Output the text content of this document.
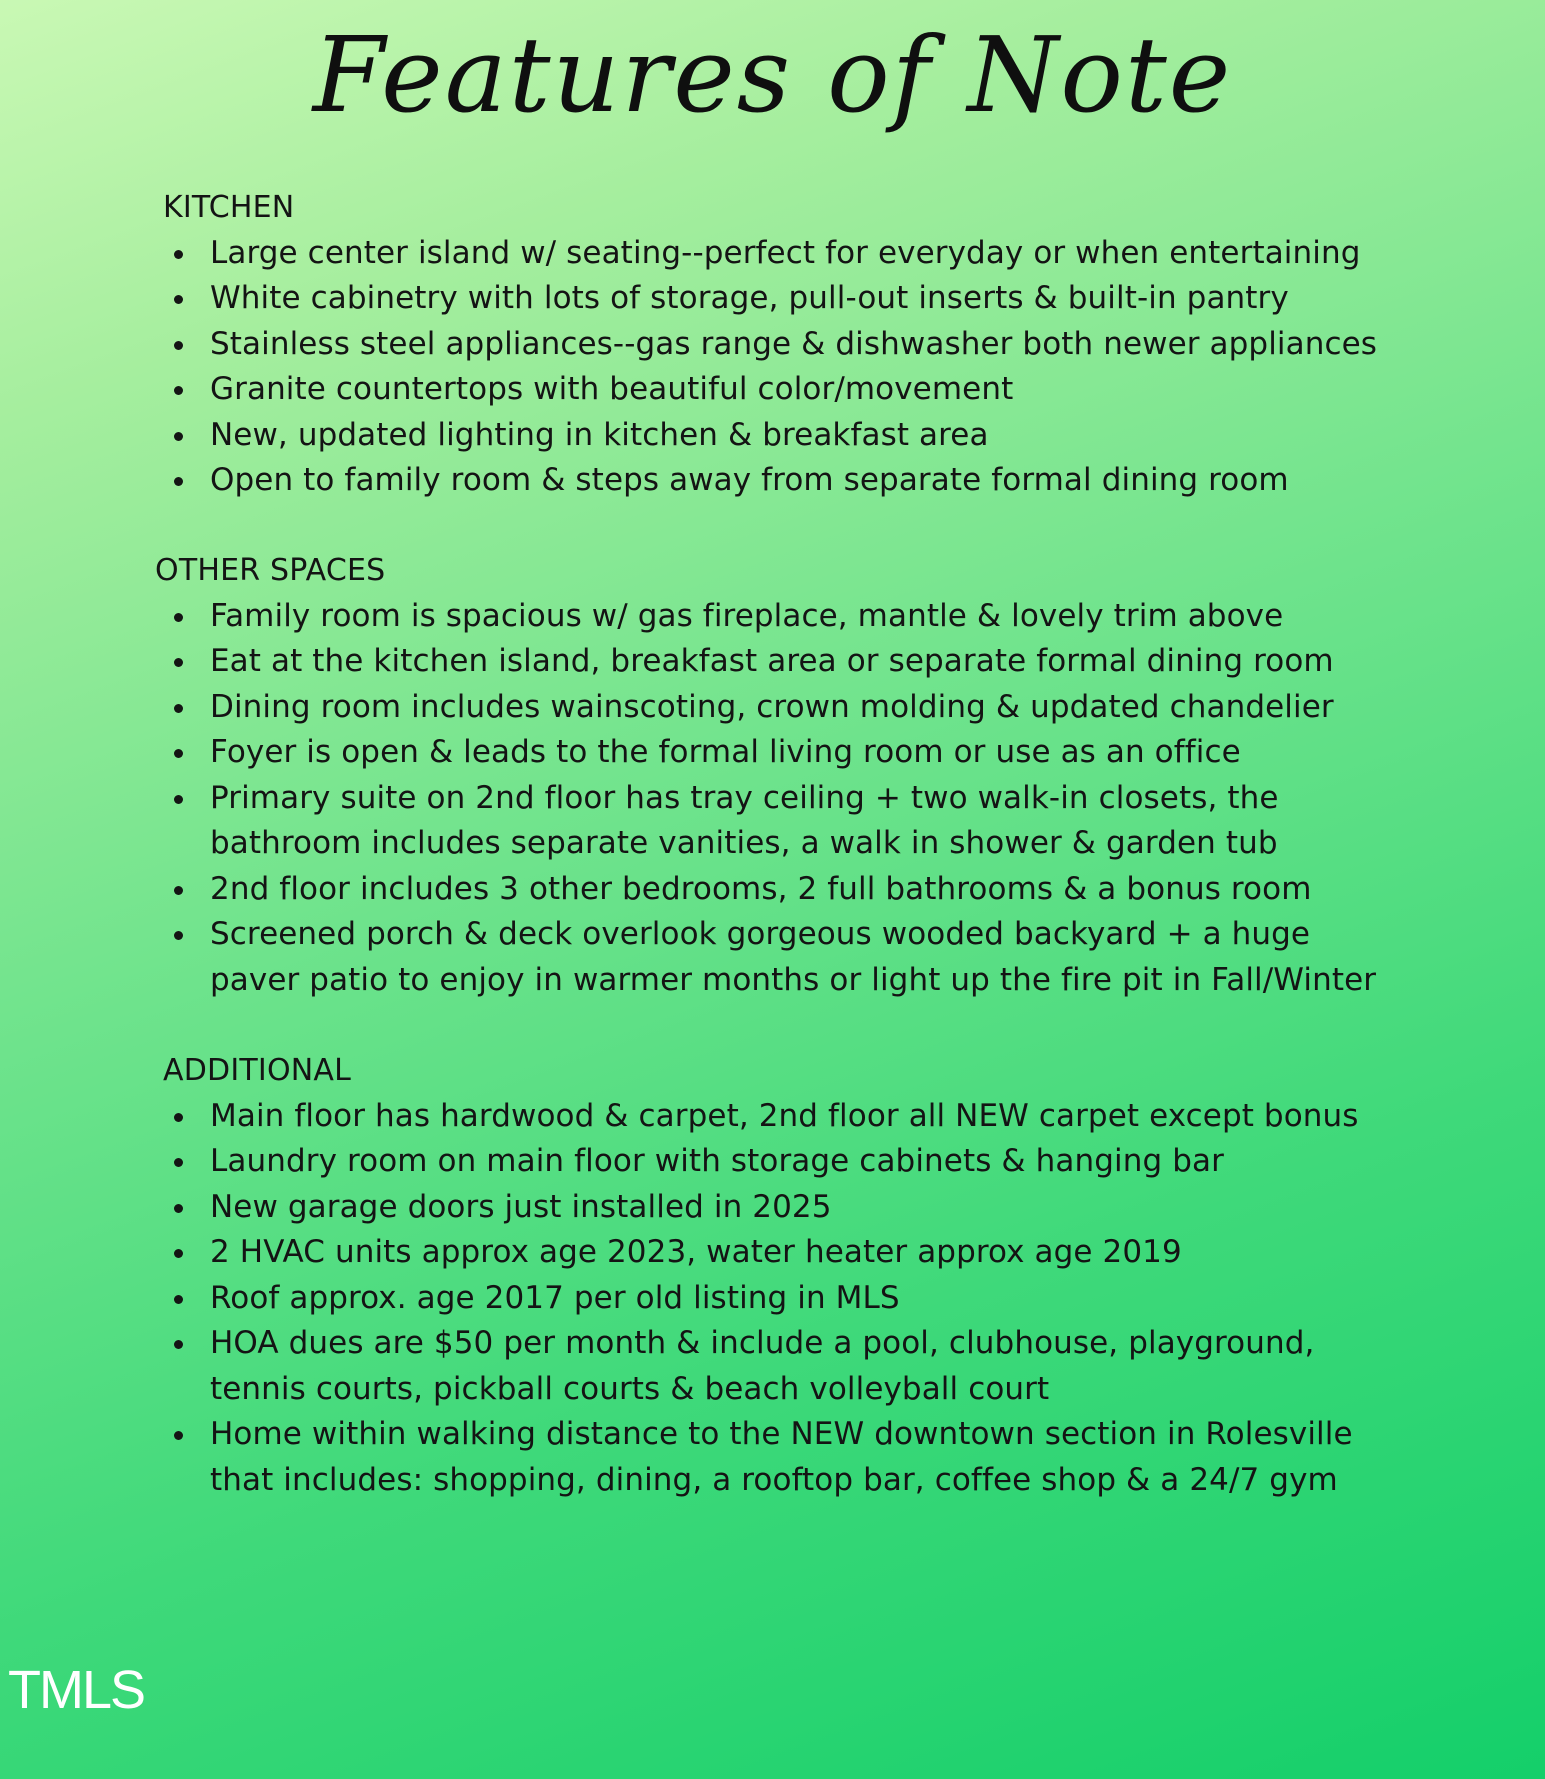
Features of Note
KITCHEN
Large center island w/ seating--perfect for everyday or when entertaining
White cabinetry with lots of storage, pull-out inserts & built-in pantry
Stainless steel appliances--gas range & dishwasher both newer appliances
Granite countertops with beautiful color/movement
New, updated lighting in kitchen & breakfast area
Open to family room & steps away from separate formal dining room
OTHER SPACES
Family room is spacious w/ gas fireplace, mantle & lovely trim above
Eat at the kitchen island, breakfast area or separate formal dining room
Dining room includes wainscoting, crown molding & updated chandelier
Foyer is open & leads to the formal living room or use as an office
Primary suite on 2nd floor has tray ceiling + two walk-in closets, the
bathroom includes separate vanities, a walk in shower & garden tub
2nd floor includes 3 other bedrooms, 2 full bathrooms & a bonus room
Screened porch & deck overlook gorgeous wooded backyard + a huge
paver patio to enjoy in warmer months or light up the fire pit in Fall/Winter
ADDITIONAL
Main floor has hardwood & carpet, 2nd floor all NEW carpet except bonus
Laundry room on main floor with storage cabinets & hanging bar
New garage doors just installed in 2025
2 HVAC units approx age 2023, water heater approx age 2019
Roof approx. age 2017 per old listing in MLS
HOA dues are $50 per month & include a pool, clubhouse, playground,
tennis courts, pickball courts & beach volleyball court
Home within walking distance to the NEW downtown section in Rolesville
that includes: shopping, dining, a rooftop bar, coffee shop & a 24/7 gym
TMLS
